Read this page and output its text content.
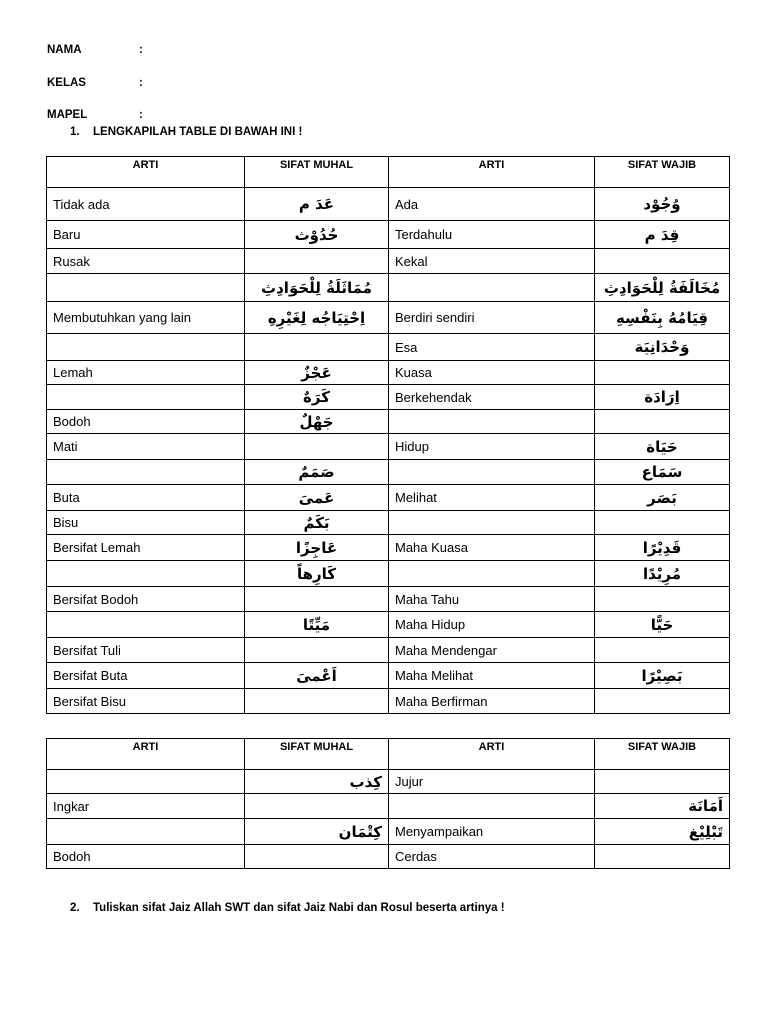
NAMA	:
KELAS	:
MAPEL	:
1. LENGKAPILAH TABLE DI BAWAH INI !
ARTI	SIFAT MUHAL	ARTI	SIFAT WAJIB
Tidak ada	عَدَ م	Ada	وُجُوْد
Baru	حُدُوْث	Terdahulu	قِدَ م
Rusak		Kekal	
	مُمَاثَلَةُ لِلْحَوَادِثِ		مُخَالَفَةُ لِلْحَوَادِثِ
Membutuhkan yang lain	اِحْتِيَاجُه لِغَيْرِهِ	Berdiri sendiri	قِيَامُهُ بِنَفْسِهِ
		Esa	وَحْدَانِيَة
Lemah	عَجْزٌ	Kuasa	
	كَرَهٌ	Berkehendak	اِرَادَة
Bodoh	جَهْلٌ		
Mati		Hidup	حَيَاة
	صَمَمٌ		سَمَاع
Buta	عَمىَ	Melihat	بَصَر
Bisu	بَكَمٌ		
Bersifat Lemah	عَاجِزًا	Maha Kuasa	قَدِيْرًا
	كَارِهاً		مُرِيْدًا
Bersifat Bodoh		Maha Tahu	
	مَيِّتًا	Maha Hidup	حَيًّا
Bersifat Tuli		Maha Mendengar	
Bersifat Buta	اَعْمىَ	Maha Melihat	بَصِيْرًا
Bersifat Bisu		Maha Berfirman	
ARTI	SIFAT MUHAL	ARTI	SIFAT WAJIB
	كِذب	Jujur	
Ingkar			اَمَانَة
	كِتْمَان	Menyampaikan	تَبْلِيْغ
Bodoh		Cerdas	
2. Tuliskan sifat Jaiz Allah SWT dan sifat Jaiz Nabi dan Rosul beserta artinya !
